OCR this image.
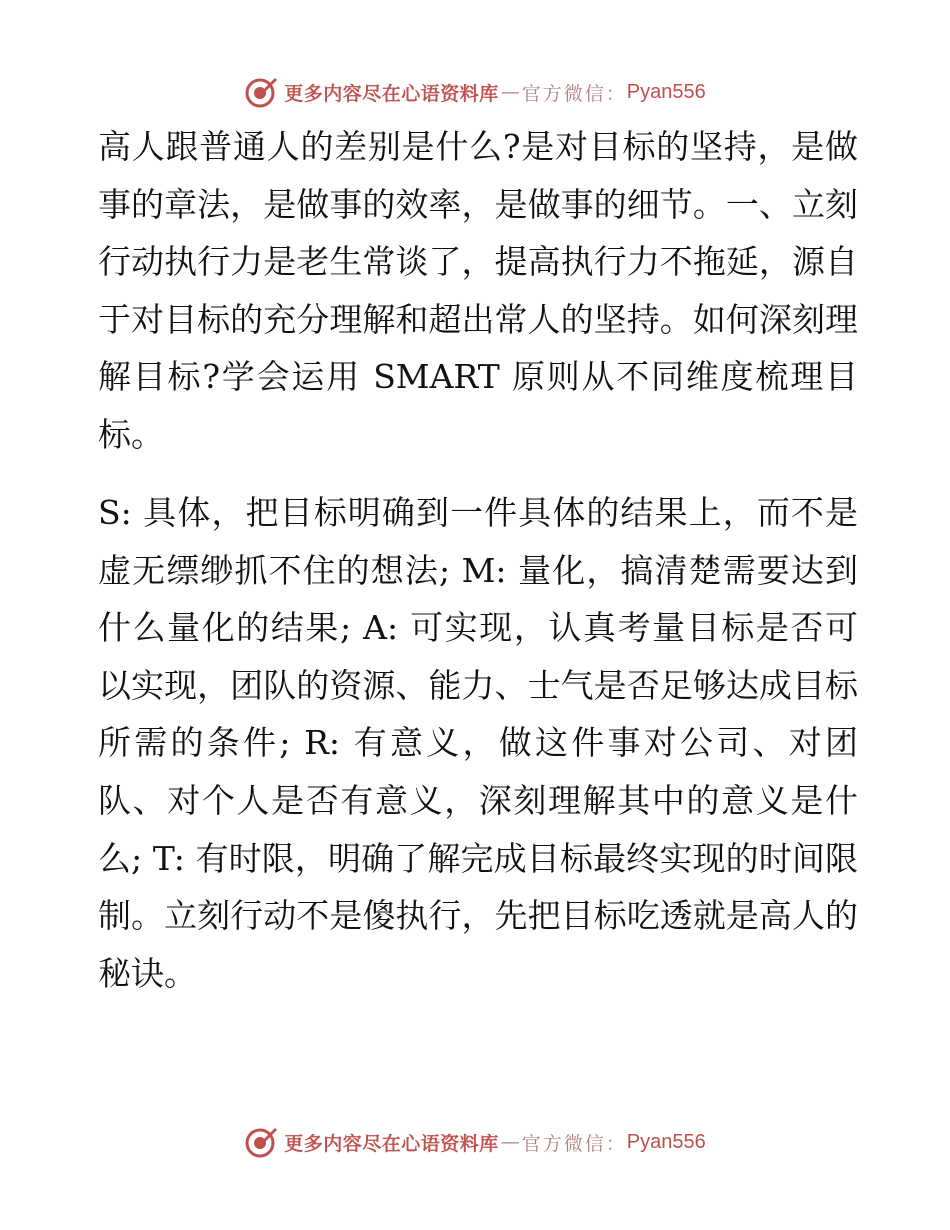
更多内容尽在心语资料库 — 官方微信： Pyan556

高人跟普通人的差别是什么?是对目标的坚持，是做事的章法，是做事的效率，是做事的细节。一、立刻行动执行力是老生常谈了，提高执行力不拖延，源自于对目标的充分理解和超出常人的坚持。如何深刻理解目标?学会运用 SMART 原则从不同维度梳理目标。

S: 具体，把目标明确到一件具体的结果上，而不是虚无缥缈抓不住的想法; M: 量化，搞清楚需要达到什么量化的结果; A: 可实现，认真考量目标是否可以实现，团队的资源、能力、士气是否足够达成目标所需的条件; R: 有意义，做这件事对公司、对团队、对个人是否有意义，深刻理解其中的意义是什么; T: 有时限，明确了解完成目标最终实现的时间限制。立刻行动不是傻执行，先把目标吃透就是高人的秘诀。

更多内容尽在心语资料库 — 官方微信： Pyan556
